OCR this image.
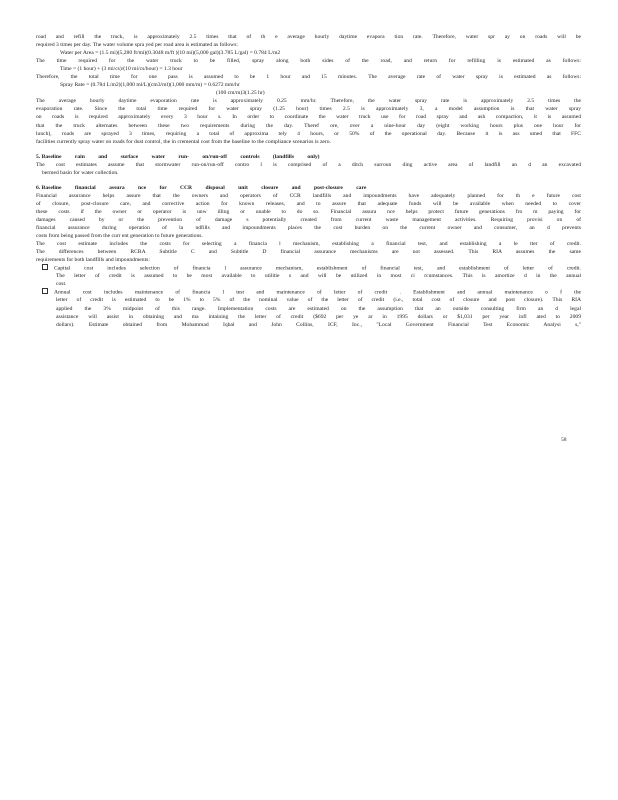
road and refill the truck, is approximately 2.5 times that of th e average hourly daytime evapora tion rate. Therefore, water spr ay on roads will be
required 3 times per day. The water volume spra yed per road area is estimated as follows:
Water per Area = (1.5 mi)(5,280 ft/mi)(0.3048 m/ft )(10 mi)(5,000 gal)(3.785 L/gal) = 0.784 L/m2
The time required for the water truck to be filled, spray along both sides of the road, and return for refilling is estimated as follows:
Time = (1 hour) + (3 mi/cs)/(10 mi/cs/hour) = 1.3 hour
Therefore, the total time for one pass is assumed to be 1 hour and 15 minutes. The average rate of water spray is estimated as follows:
Spray Rate = (0.784 L/m2)(1,000 ml/L)(cm3/ml)(1,000 mm/m) = 0.6272 mm/hr
(100 cm/m)3(1.25 hr)
The average hourly daytime evaporation rate is approximately 0.25 mm/hr. Therefore, the water spray rate is approximately 2.5 times the
evaporation rate. Since the total time required for water spray (1.25 hour) times 2.5 is approximately 3, a model assumption is that water spray
on roads is required approximately every 3 hour s. In order to coordinate the water truck use for road spray and ash compaction, it is assumed
that the truck alternates between these two requirements during the day. Theref ore, over a nine-hour day (eight working hours plus one hour for
lunch), roads are sprayed 3 times, requiring a total of approxima tely 4 hours, or 50% of the operational day. Because it is ass umed that FFC
facilities currently spray water on roads for dust control, the in cremental cost from the baseline to the compliance scenarios is zero.
5. Baseline rain and surface water run- on/run-off controls (landfills only)
The cost estimates assume that stormwater run-on/run-off contro l is comprised of a ditch surroun ding active area of landfill an d an excavated
bermed basin for water collection.
6. Baseline financial assura nce for CCR disposal unit closure and post-closure care
Financial assurance helps assure that the owners and operators of CCR landfills and impoundments have adequately planned for th e future cost
of closure, post-closure care, and corrective action for known releases, and to assure that adequate funds will be available when needed to cover
these costs if the owner or operator is unw illing or unable to do so. Financial assura nce helps protect future generations fro m paying for
damages caused by or the prevention of damage s potentially created from current waste management activities. Requiring provisi on of
financial assurance during operation of la ndfills and impoundments places the cost burden on the current owner and consumer, an d prevents
costs from being passed from the curr ent generation to future generations.
The cost estimate includes the costs for selecting a financia l mechanism, establishing a financial test, and establishing a le tter of credit.
The differences between RCRA Subtitle C and Subtitle D financial assurance mechanisms are not assessed. This RIA assumes the same
requirements for both landfills and impoundments:
Capital cost includes selection of financia l assurance mechanism, establishment of financial test, and establishment of letter of credit.
The letter of credit is assumed to be most available to utilitie s and will be utilized in most ci rcumstances. This is amortize d in the annual
cost.
Annual cost includes maintenance of financia l test and maintenance of letter of credit . Establishment and annual maintenance o f the
letter of credit is estimated to be 1% to 5% of the nominal value of the letter of credit (i.e., total cost of closure and post closure). This RIA
applied the 3% midpoint of this range. Implementation costs are estimated on the assumption that an outside consulting firm an d legal
assistance will assist in obtaining and ma intaining the letter of credit ($692 per ye ar in 1995 dollars or $1,031 per year infl ated to 2009
dollars). Estimate obtained from Mohammad Iqbal and John Collins, ICF, Inc., "Local Government Financial Test Economic Analysi s,"
58
